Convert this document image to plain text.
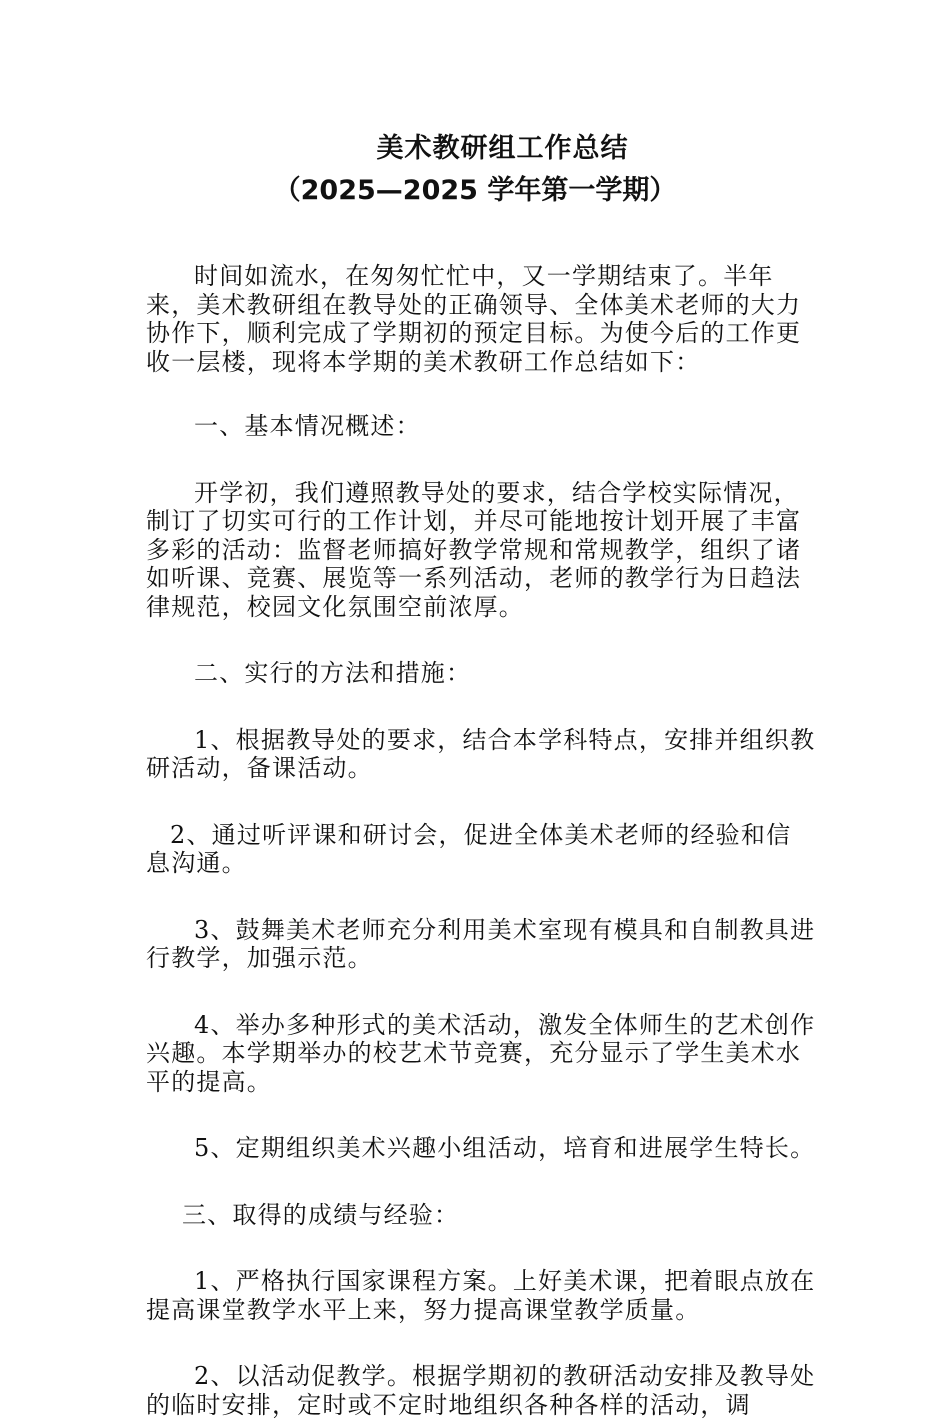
美术教研组工作总结
（2025—2025 学年第一学期）

时间如流水，在匆匆忙忙中，又一学期结束了。半年来，美术教研组在教导处的正确领导、全体美术老师的大力协作下，顺利完成了学期初的预定目标。为使今后的工作更收一层楼，现将本学期的美术教研工作总结如下：

一、基本情况概述：

开学初，我们遵照教导处的要求，结合学校实际情况，制订了切实可行的工作计划，并尽可能地按计划开展了丰富多彩的活动：监督老师搞好教学常规和常规教学，组织了诸如听课、竞赛、展览等一系列活动，老师的教学行为日趋法律规范，校园文化氛围空前浓厚。

二、实行的方法和措施：

1、根据教导处的要求，结合本学科特点，安排并组织教研活动，备课活动。

2、通过听评课和研讨会，促进全体美术老师的经验和信息沟通。

3、鼓舞美术老师充分利用美术室现有模具和自制教具进行教学，加强示范。

4、举办多种形式的美术活动，激发全体师生的艺术创作兴趣。本学期举办的校艺术节竞赛，充分显示了学生美术水平的提高。

5、定期组织美术兴趣小组活动，培育和进展学生特长。

三、取得的成绩与经验：

1、严格执行国家课程方案。上好美术课，把着眼点放在提高课堂教学水平上来，努力提高课堂教学质量。

2、以活动促教学。根据学期初的教研活动安排及教导处的临时安排，定时或不定时地组织各种各样的活动，调
